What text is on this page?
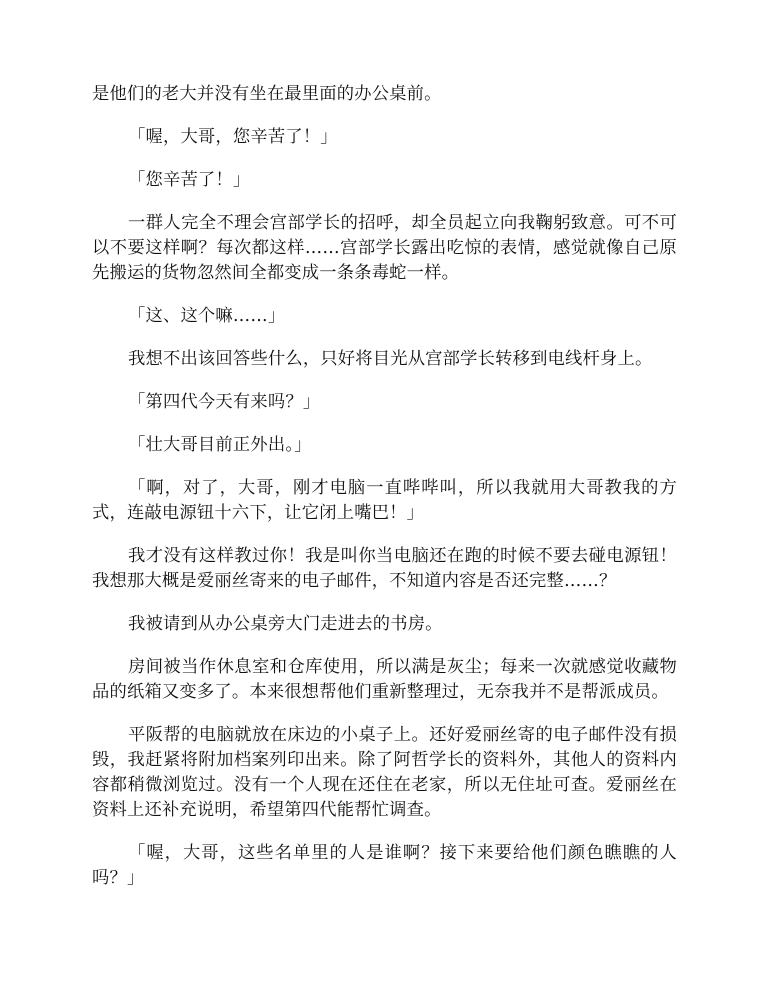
是他们的老大并没有坐在最里面的办公桌前。

「喔，大哥，您辛苦了！」

「您辛苦了！」

一群人完全不理会宫部学长的招呼，却全员起立向我鞠躬致意。可不可以不要这样啊？每次都这样……宫部学长露出吃惊的表情，感觉就像自己原先搬运的货物忽然间全都变成一条条毒蛇一样。

「这、这个嘛……」

我想不出该回答些什么，只好将目光从宫部学长转移到电线杆身上。

「第四代今天有来吗？」

「壮大哥目前正外出。」

「啊，对了，大哥，刚才电脑一直哔哔叫，所以我就用大哥教我的方式，连敲电源钮十六下，让它闭上嘴巴！」

我才没有这样教过你！我是叫你当电脑还在跑的时候不要去碰电源钮！我想那大概是爱丽丝寄来的电子邮件，不知道内容是否还完整……？

我被请到从办公桌旁大门走进去的书房。

房间被当作休息室和仓库使用，所以满是灰尘；每来一次就感觉收藏物品的纸箱又变多了。本来很想帮他们重新整理过，无奈我并不是帮派成员。

平阪帮的电脑就放在床边的小桌子上。还好爱丽丝寄的电子邮件没有损毁，我赶紧将附加档案列印出来。除了阿哲学长的资料外，其他人的资料内容都稍微浏览过。没有一个人现在还住在老家，所以无住址可查。爱丽丝在资料上还补充说明，希望第四代能帮忙调查。

「喔，大哥，这些名单里的人是谁啊？接下来要给他们颜色瞧瞧的人吗？」
